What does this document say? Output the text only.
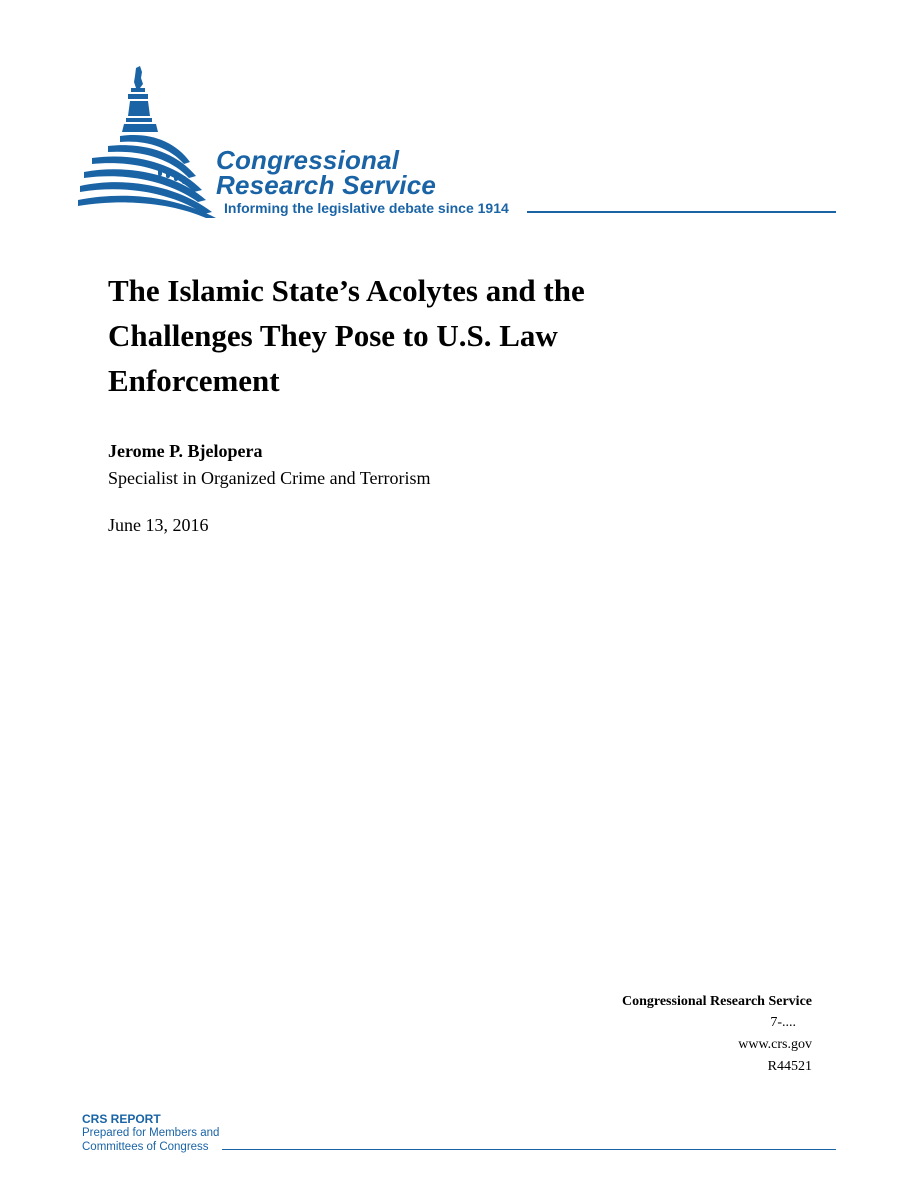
Congressional
Research Service
Informing the legislative debate since 1914
The Islamic State’s Acolytes and the Challenges They Pose to U.S. Law Enforcement
Jerome P. Bjelopera
Specialist in Organized Crime and Terrorism
June 13, 2016
Congressional Research Service
7-....
www.crs.gov
R44521
CRS REPORT
Prepared for Members and
Committees of Congress
